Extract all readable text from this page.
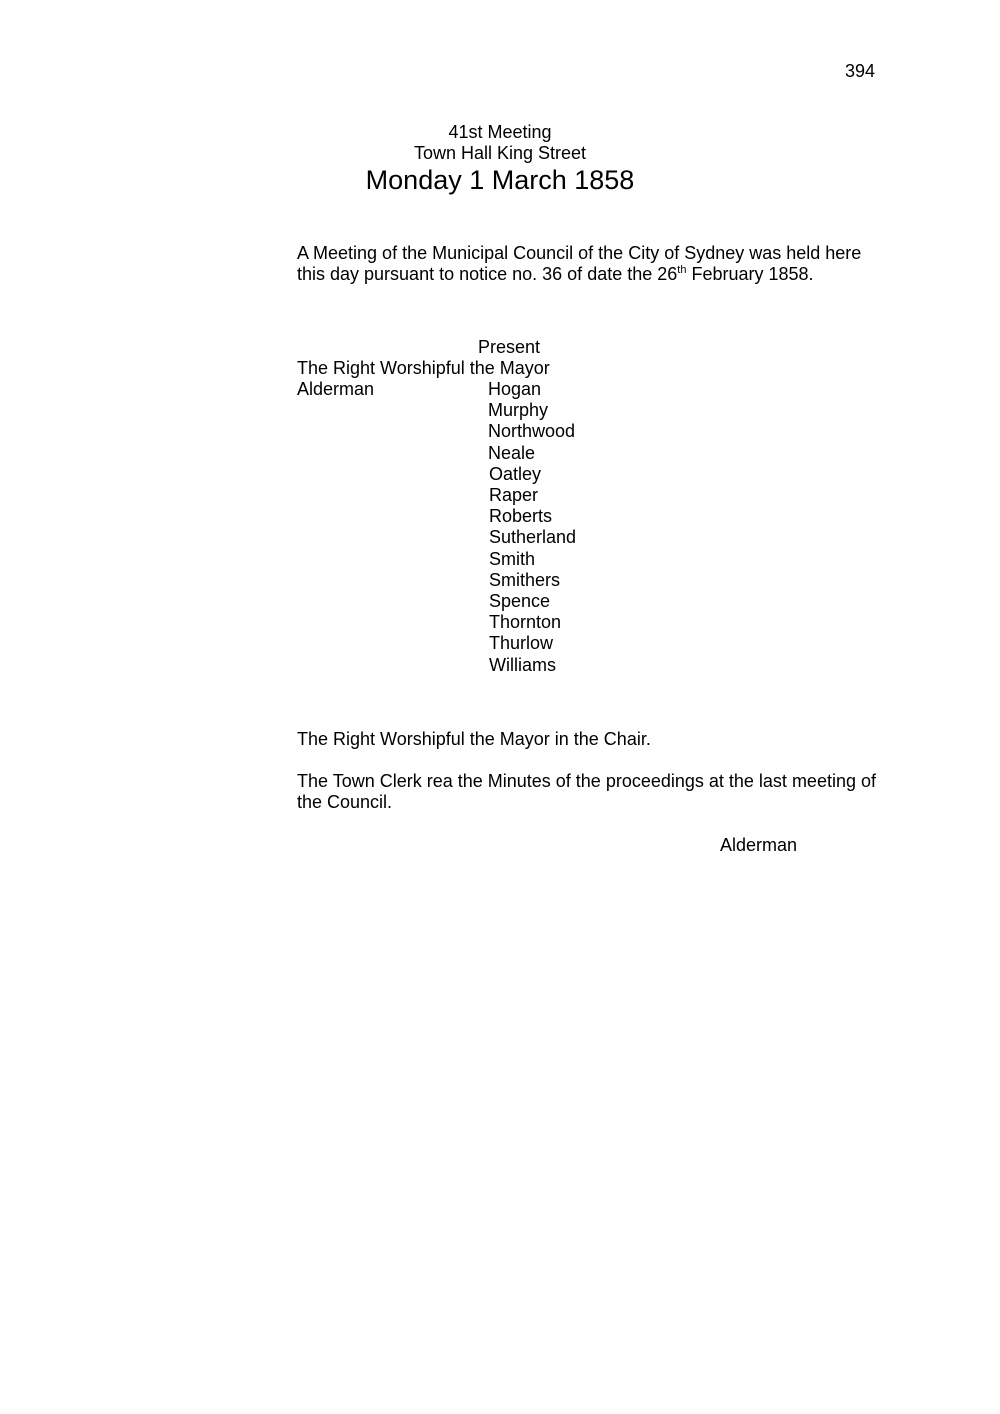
394

41st Meeting

Town Hall King Street

Monday 1 March 1858

A Meeting of the Municipal Council of the City of Sydney was held here

this day pursuant to notice no. 36 of date the 26th February 1858.

Present

The Right Worshipful the Mayor

Alderman	Hogan
Murphy
Northwood
Neale
Oatley
Raper
Roberts
Sutherland
Smith
Smithers
Spence
Thornton
Thurlow
Williams

The Right Worshipful the Mayor in the Chair.

The Town Clerk rea the Minutes of the proceedings at the last meeting of

the Council.

Alderman
